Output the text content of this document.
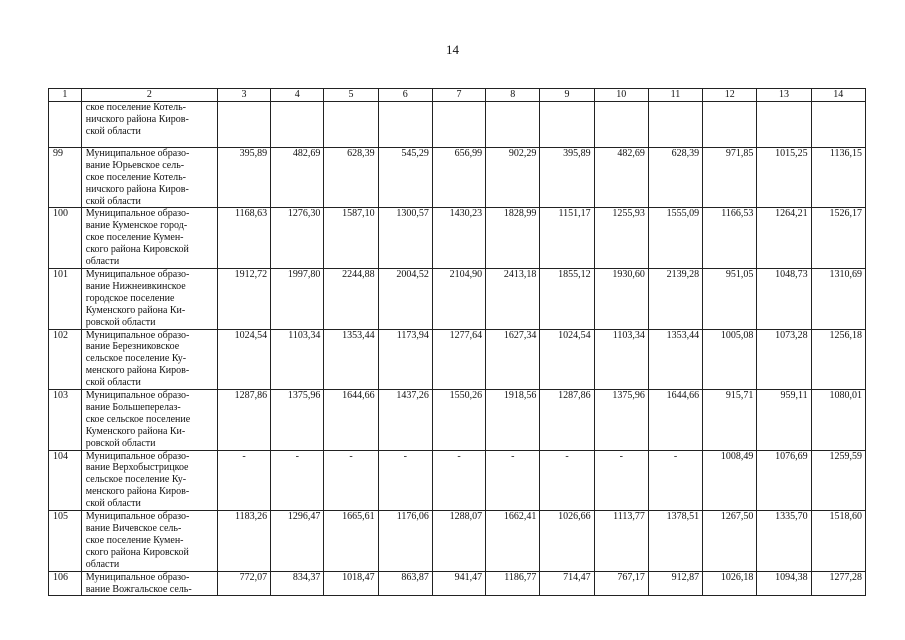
14
1	2	3	4	5	6	7	8	9	10	11	12	13	14
	ское поселение Котель-
ничского района Киров-
ской области												
99	Муниципальное образо-
вание Юрьевское сель-
ское поселение Котель-
ничского района Киров-
ской области	395,89	482,69	628,39	545,29	656,99	902,29	395,89	482,69	628,39	971,85	1015,25	1136,15
100	Муниципальное образо-
вание Куменское город-
ское поселение Кумен-
ского района Кировской
области	1168,63	1276,30	1587,10	1300,57	1430,23	1828,99	1151,17	1255,93	1555,09	1166,53	1264,21	1526,17
101	Муниципальное образо-
вание Нижнеивкинское
городское поселение
Куменского района Ки-
ровской области	1912,72	1997,80	2244,88	2004,52	2104,90	2413,18	1855,12	1930,60	2139,28	951,05	1048,73	1310,69
102	Муниципальное образо-
вание Березниковское
сельское поселение Ку-
менского района Киров-
ской области	1024,54	1103,34	1353,44	1173,94	1277,64	1627,34	1024,54	1103,34	1353,44	1005,08	1073,28	1256,18
103	Муниципальное образо-
вание Большеперелаз-
ское сельское поселение
Куменского района Ки-
ровской области	1287,86	1375,96	1644,66	1437,26	1550,26	1918,56	1287,86	1375,96	1644,66	915,71	959,11	1080,01
104	Муниципальное образо-
вание Верхобыстрицкое
сельское поселение Ку-
менского района Киров-
ской области	-	-	-	-	-	-	-	-	-	1008,49	1076,69	1259,59
105	Муниципальное образо-
вание Вичевское сель-
ское поселение Кумен-
ского района Кировской
области	1183,26	1296,47	1665,61	1176,06	1288,07	1662,41	1026,66	1113,77	1378,51	1267,50	1335,70	1518,60
106	Муниципальное образо-
вание Вожгальское сель-	772,07	834,37	1018,47	863,87	941,47	1186,77	714,47	767,17	912,87	1026,18	1094,38	1277,28
